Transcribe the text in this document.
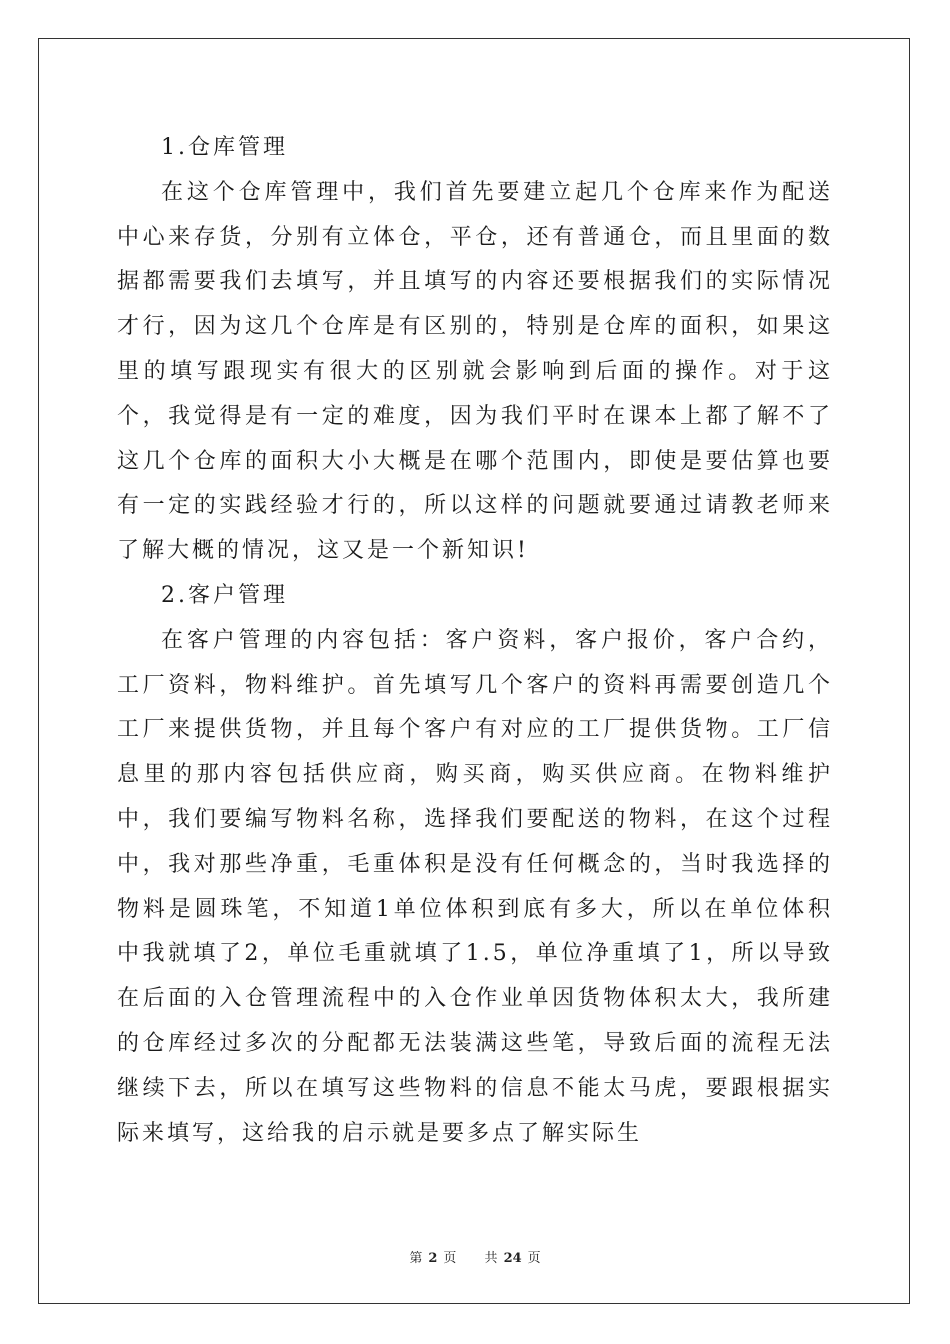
1.仓库管理

在这个仓库管理中，我们首先要建立起几个仓库来作为配送中心来存货，分别有立体仓，平仓，还有普通仓，而且里面的数据都需要我们去填写，并且填写的内容还要根据我们的实际情况才行，因为这几个仓库是有区别的，特别是仓库的面积，如果这里的填写跟现实有很大的区别就会影响到后面的操作。对于这个，我觉得是有一定的难度，因为我们平时在课本上都了解不了这几个仓库的面积大小大概是在哪个范围内，即使是要估算也要有一定的实践经验才行的，所以这样的问题就要通过请教老师来了解大概的情况，这又是一个新知识!

2.客户管理

在客户管理的内容包括：客户资料，客户报价，客户合约，工厂资料，物料维护。首先填写几个客户的资料再需要创造几个工厂来提供货物，并且每个客户有对应的工厂提供货物。工厂信息里的那内容包括供应商，购买商，购买供应商。在物料维护中，我们要编写物料名称，选择我们要配送的物料，在这个过程中，我对那些净重，毛重体积是没有任何概念的，当时我选择的物料是圆珠笔，不知道1单位体积到底有多大，所以在单位体积中我就填了2，单位毛重就填了1.5，单位净重填了1，所以导致在后面的入仓管理流程中的入仓作业单因货物体积太大，我所建的仓库经过多次的分配都无法装满这些笔，导致后面的流程无法继续下去，所以在填写这些物料的信息不能太马虎，要跟根据实际来填写，这给我的启示就是要多点了解实际生

第 2 页 共 24 页
